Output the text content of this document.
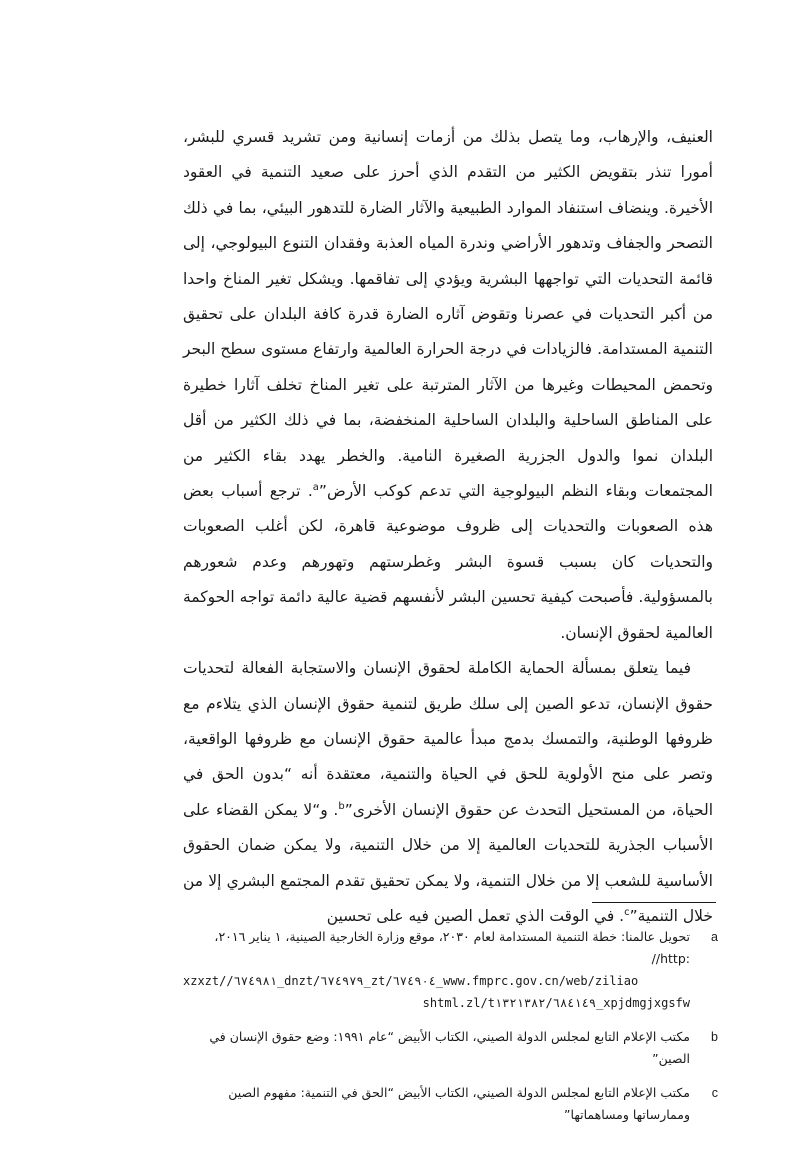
العنيف، والإرهاب، وما يتصل بذلك من أزمات إنسانية ومن تشريد قسري للبشر، أمورا تنذر بتقويض الكثير من التقدم الذي أحرز على صعيد التنمية في العقود الأخيرة. وينضاف استنفاد الموارد الطبيعية والآثار الضارة للتدهور البيئي، بما في ذلك التصحر والجفاف وتدهور الأراضي وندرة المياه العذبة وفقدان التنوع البيولوجي، إلى قائمة التحديات التي تواجهها البشرية ويؤدي إلى تفاقمها. ويشكل تغير المناخ واحدا من أكبر التحديات في عصرنا وتقوض آثاره الضارة قدرة كافة البلدان على تحقيق التنمية المستدامة. فالزيادات في درجة الحرارة العالمية وارتفاع مستوى سطح البحر وتحمض المحيطات وغيرها من الآثار المترتبة على تغير المناخ تخلف آثارا خطيرة على المناطق الساحلية والبلدان الساحلية المنخفضة، بما في ذلك الكثير من أقل البلدان نموا والدول الجزرية الصغيرة النامية. والخطر يهدد بقاء الكثير من المجتمعات وبقاء النظم البيولوجية التي تدعم كوكب الأرض”$^a$. ترجع أسباب بعض هذه الصعوبات والتحديات إلى ظروف موضوعية قاهرة، لكن أغلب الصعوبات والتحديات كان بسبب قسوة البشر وغطرستهم وتهورهم وعدم شعورهم بالمسؤولية. فأصبحت كيفية تحسين البشر لأنفسهم قضية عالية دائمة تواجه الحوكمة العالمية لحقوق الإنسان.

فيما يتعلق بمسألة الحماية الكاملة لحقوق الإنسان والاستجابة الفعالة لتحديات حقوق الإنسان، تدعو الصين إلى سلك طريق لتنمية حقوق الإنسان الذي يتلاءم مع ظروفها الوطنية، والتمسك بدمج مبدأ عالمية حقوق الإنسان مع ظروفها الواقعية، وتصر على منح الأولوية للحق في الحياة والتنمية، معتقدة أنه “بدون الحق في الحياة، من المستحيل التحدث عن حقوق الإنسان الأخرى”$^b$. و“لا يمكن القضاء على الأسباب الجذرية للتحديات العالمية إلا من خلال التنمية، ولا يمكن ضمان الحقوق الأساسية للشعب إلا من خلال التنمية، ولا يمكن تحقيق تقدم المجتمع البشري إلا من خلال التنمية”$^c$. في الوقت الذي تعمل الصين فيه على تحسين

a
تحويل عالمنا: خطة التنمية المستدامة لعام ٢٠٣٠، موقع وزارة الخارجية الصينية، ١ يناير ٢٠١٦، :http//
xzxzt//٦٧٤٩٨١_dnzt/٦٧٤٩٧٩_zt/٦٧٤٩٠٤_www.fmprc.gov.cn/web/ziliao
shtml.zl/t١٣٢١٣٨٢/٦٨٤١٤٩_xpjdmgjxgsfw
b
مكتب الإعلام التابع لمجلس الدولة الصيني، الكتاب الأبيض “عام ١٩٩١: وضع حقوق الإنسان في الصين”
c
مكتب الإعلام التابع لمجلس الدولة الصيني، الكتاب الأبيض “الحق في التنمية: مفهوم الصين وممارساتها ومساهماتها”
